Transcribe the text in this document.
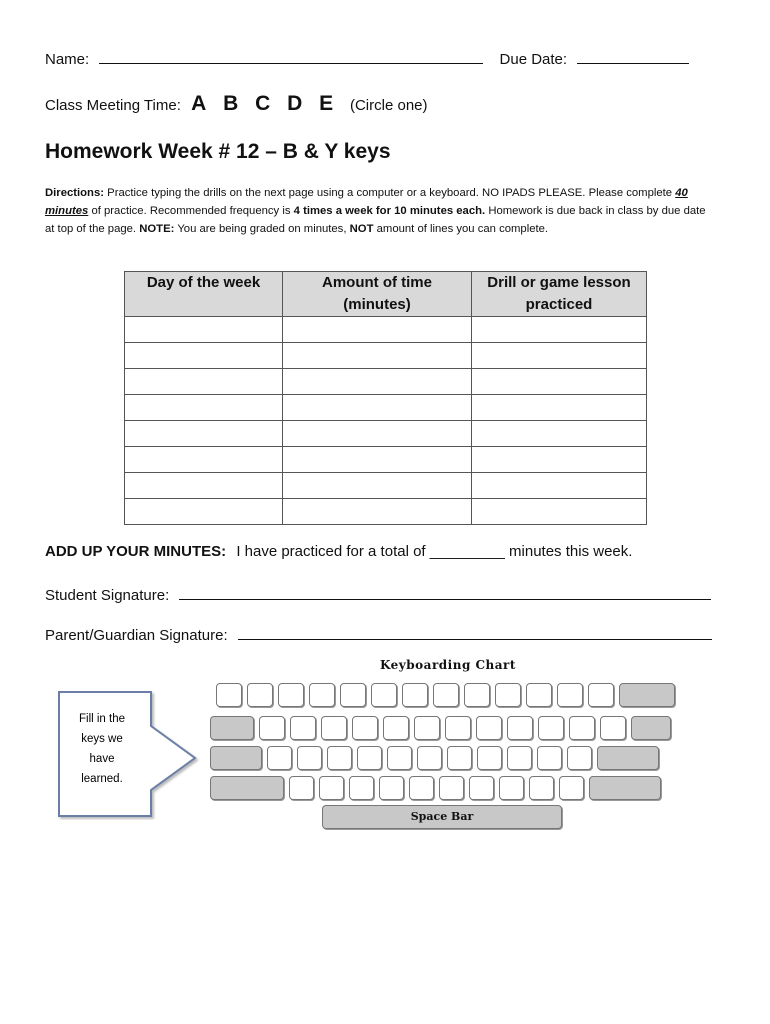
Name:	Due Date:
Class Meeting Time: A B C D E (Circle one)
Homework Week # 12 – B & Y keys
Directions: Practice typing the drills on the next page using a computer or a keyboard. NO IPADS PLEASE. Please complete 40 minutes of practice. Recommended frequency is 4 times a week for 10 minutes each. Homework is due back in class by due date at top of the page. NOTE: You are being graded on minutes, NOT amount of lines you can complete.
Day of the week	Amount of time (minutes)	Drill or game lesson practiced

ADD UP YOUR MINUTES: I have practiced for a total of _________ minutes this week.
Student Signature:
Parent/Guardian Signature:
Fill in the
keys we
have
learned.
Keyboarding Chart
Space Bar
